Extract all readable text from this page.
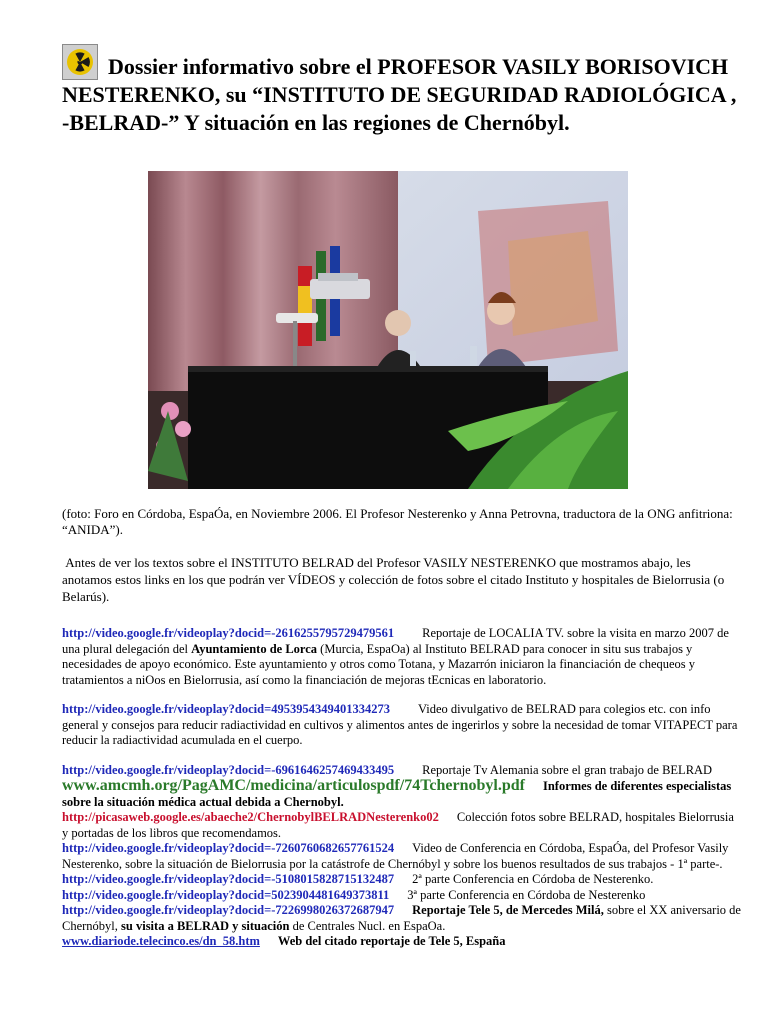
Dossier informativo sobre el PROFESOR VASILY BORISOVICH NESTERENKO, su “INSTITUTO DE SEGURIDAD RADIOLÓGICA , -BELRAD-” Y situación en las regiones de Chernóbyl.
(foto: Foro en Córdoba, EspaÓa, en Noviembre 2006. El Profesor Nesterenko y Anna Petrovna, traductora de la ONG anfitriona: “ANIDA”).

Antes de ver los textos sobre el INSTITUTO BELRAD del Profesor VASILY NESTERENKO que mostramos abajo, les anotamos estos links en los que podrán ver VÍDEOS y colección de fotos sobre el citado Instituto y hospitales de Bielorrusia (o Belarús).

http://video.google.fr/videoplay?docid=-2616255795729479561 Reportaje de LOCALIA TV. sobre la visita en marzo 2007 de una plural delegación del Ayuntamiento de Lorca (Murcia, EspaOa) al Instituto BELRAD para conocer in situ sus trabajos y necesidades de apoyo económico. Este ayuntamiento y otros como Totana, y Mazarrón iniciaron la financiación de chequeos y tratamientos a niOos en Bielorrusia, así como la financiación de mejoras tEcnicas en laboratorio.
http://video.google.fr/videoplay?docid=4953954349401334273 Video divulgativo de BELRAD para colegios etc. con info general y consejos para reducir radiactividad en cultivos y alimentos antes de ingerirlos y sobre la necesidad de tomar VITAPECT para reducir la radiactividad acumulada en el cuerpo.
http://video.google.fr/videoplay?docid=-6961646257469433495 Reportaje Tv Alemania sobre el gran trabajo de BELRAD
www.amcmh.org/PagAMC/medicina/articulospdf/74Tchernobyl.pdf Informes de diferentes especialistas sobre la situación médica actual debida a Chernobyl.
http://picasaweb.google.es/abaeche2/ChernobylBELRADNesterenko02 Colección fotos sobre BELRAD, hospitales Bielorrusia y portadas de los libros que recomendamos.
http://video.google.fr/videoplay?docid=-7260760682657761524 Video de Conferencia en Córdoba, EspaÓa, del Profesor Vasily Nesterenko, sobre la situación de Bielorrusia por la catástrofe de Chernóbyl y sobre los buenos resultados de sus trabajos - 1ª parte-.
http://video.google.fr/videoplay?docid=-5108015828715132487 2ª parte Conferencia en Córdoba de Nesterenko.
http://video.google.fr/videoplay?docid=5023904481649373811 3ª parte Conferencia en Córdoba de Nesterenko
http://video.google.fr/videoplay?docid=-7226998026372687947 Reportaje Tele 5, de Mercedes Milá, sobre el XX aniversario de Chernóbyl, su visita a BELRAD y situación de Centrales Nucl. en EspaOa.
www.diariode.telecinco.es/dn_58.htm Web del citado reportaje de Tele 5, España
